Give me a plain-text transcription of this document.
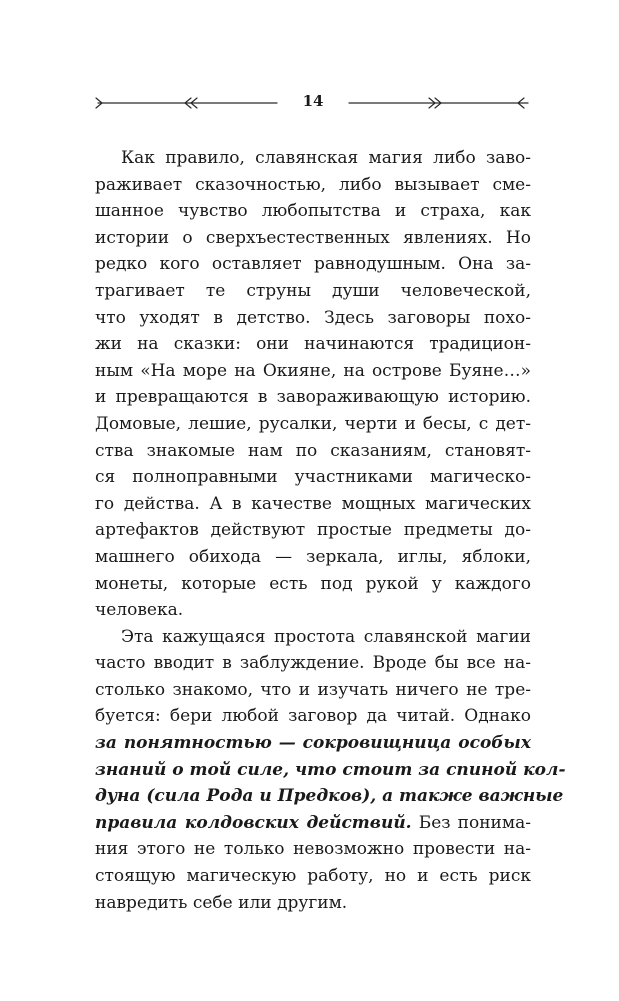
14
Как правило, славянская магия либо заво-
раживает сказочностью, либо вызывает сме-
шанное чувство любопытства и страха, как
истории о сверхъестественных явлениях. Но
редко кого оставляет равнодушным. Она за-
трагивает те струны души человеческой,
что уходят в детство. Здесь заговоры похо-
жи на сказки: они начинаются традицион-
ным «На море на Окияне, на острове Буяне…»
и превращаются в завораживающую историю.
Домовые, лешие, русалки, черти и бесы, с дет-
ства знакомые нам по сказаниям, становят-
ся полноправными участниками магическо-
го действа. А в качестве мощных магических
артефактов действуют простые предметы до-
машнего обихода — зеркала, иглы, яблоки,
монеты, которые есть под рукой у каждого
человека.
Эта кажущаяся простота славянской магии
часто вводит в заблуждение. Вроде бы все на-
столько знакомо, что и изучать ничего не тре-
буется: бери любой заговор да читай. Однако
за понятностью — сокровищница особых
знаний о той силе, что стоит за спиной кол-
дуна (сила Рода и Предков), а также важные
правила колдовских действий. Без понима-
ния этого не только невозможно провести на-
стоящую магическую работу, но и есть риск
навредить себе или другим.
